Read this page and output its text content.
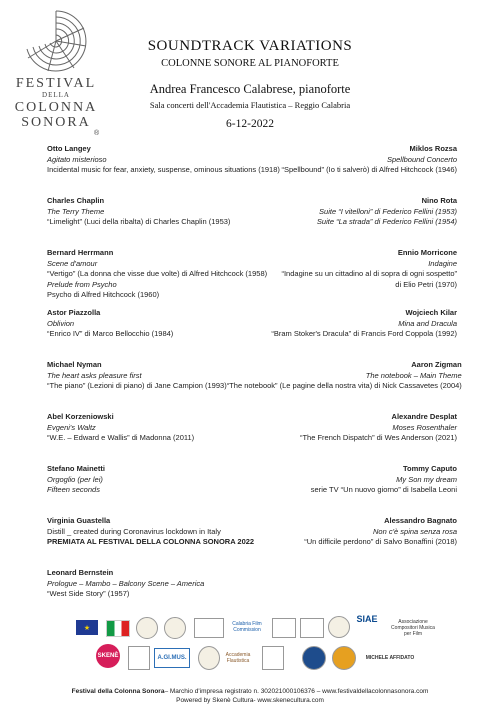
FESTIVAL
DELLA
COLONNA
SONORA
®
SOUNDTRACK VARIATIONS
COLONNE SONORE AL PIANOFORTE
Andrea Francesco Calabrese, pianoforte
Sala concerti dell'Accademia Flautistica – Reggio Calabria
6-12-2022
Otto Langey
Agitato misterioso
Incidental music for fear, anxiety, suspense, ominous situations (1918)
Miklos Rozsa
Spellbound Concerto
“Spellbound” (Io ti salverò) di Alfred Hitchcock (1946)
Charles Chaplin
The Terry Theme
“Limelight” (Luci della ribalta) di Charles Chaplin (1953)
Nino Rota
Suite “I vitelloni” di Federico Fellini (1953)
Suite “La strada” di Federico Fellini (1954)
Bernard Herrmann
Scene d'amour
“Vertigo” (La donna che visse due volte) di Alfred Hitchcock (1958)
Prelude from Psycho
Psycho di Alfred Hitchcock (1960)
Ennio Morricone
Indagine
“Indagine su un cittadino al di sopra di ogni sospetto”
di Elio Petri (1970)
Astor Piazzolla
Oblivion
“Enrico IV” di Marco Bellocchio (1984)
Wojciech Kilar
Mina and Dracula
“Bram Stoker's Dracula” di Francis Ford Coppola (1992)
Michael Nyman
The heart asks pleasure first
“The piano” (Lezioni di piano) di Jane Campion (1993)
Aaron Zigman
The notebook – Main Theme
“The notebook” (Le pagine della nostra vita) di Nick Cassavetes (2004)
Abel Korzeniowski
Evgeni's Waltz
“W.E. – Edward e Wallis” di Madonna (2011)
Alexandre Desplat
Moses Rosenthaler
“The French Dispatch” di Wes Anderson (2021)
Stefano Mainetti
Orgoglio (per lei)
Fifteen seconds
Tommy Caputo
My Son my dream
serie TV “Un nuovo giorno” di Isabella Leoni
Virginia Guastella
Distill _ created during Coronavirus lockdown in Italy
PREMIATA AL FESTIVAL DELLA COLONNA SONORA 2022
Alessandro Bagnato
Non c'è spina senza rosa
“Un difficile perdono” di Salvo Bonaffini (2018)
Leonard Bernstein
Prologue – Mambo – Balcony Scene – America
“West Side Story” (1957)
★
Calabria Film Commission
SIAE	Associazione Compositori Musica per Film
SKENÈ	A.GI.MUS.	Accademia Flautistica	MICHELE AFFIDATO
Festival della Colonna Sonora– Marchio d'impresa registrato n. 302021000106376 – www.festivaldellacolonnasonora.com
Powered by Skenè Cultura- www.skenecultura.com
